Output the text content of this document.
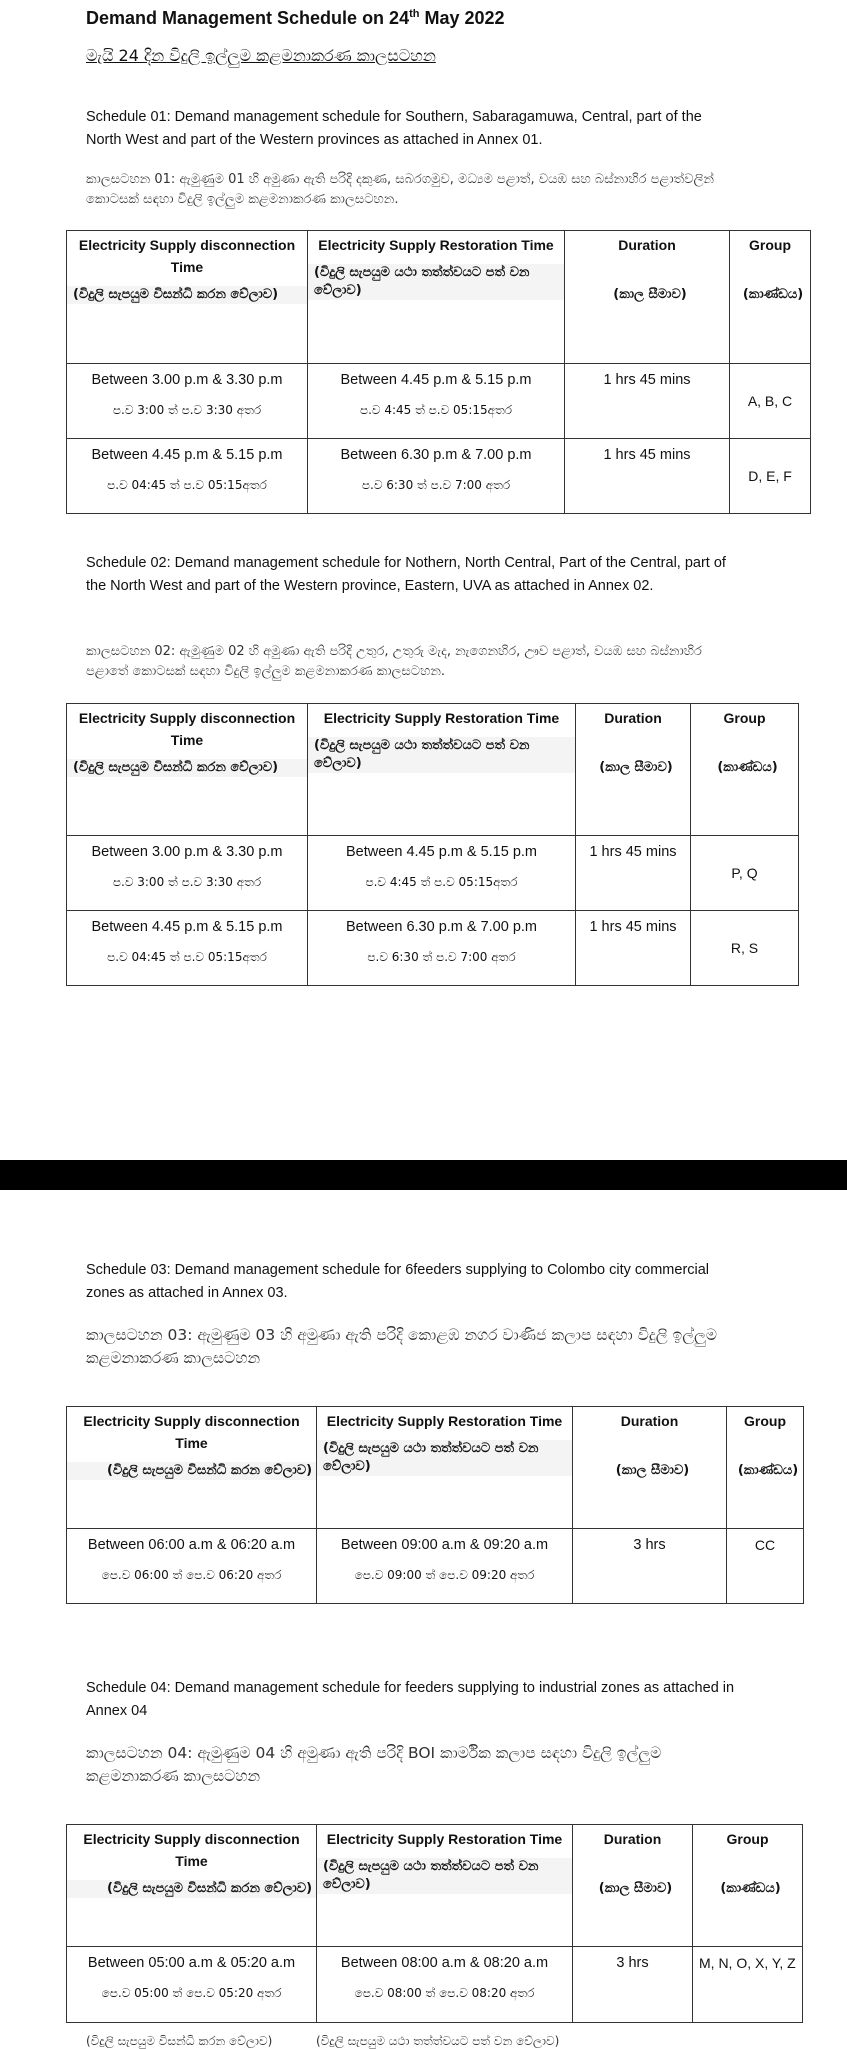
Demand Management Schedule on 24th May 2022
මැයි 24 දින විදුලි ඉල්ලුම කළමනාකරණ කාලසටහන
Schedule 01: Demand management schedule for Southern, Sabaragamuwa, Central, part of the North West and part of the Western provinces as attached in Annex 01.
කාලසටහන 01: ඇමුණුම 01 හි අමුණා ඇති පරිදි දකුණ, සබරගමුව, මධ්‍යම පළාත්, වයඹ සහ බස්නාහිර පළාත්වලින් කොටසක් සඳහා විදුලි ඉල්ලුම කළමනාකරණ කාලසටහන.
Electricity Supply disconnection Time
(විදුලි සැපයුම විසන්ධි කරන වේලාව)	Electricity Supply Restoration Time
(විදුලි සැපයුම යථා තත්ත්වයට පත් වන වේලාව)	Duration
(කාල සීමාව)	Group
(කාණ්ඩය)

Between 3.00 p.m & 3.30 p.m
ප.ව 3:00 ත් ප.ව 3:30 අතර	Between 4.45 p.m & 5.15 p.m
ප.ව 4:45 ත් ප.ව 05:15අතර	1 hrs 45 mins	A, B, C

Between 4.45 p.m & 5.15 p.m
ප.ව 04:45 ත් ප.ව 05:15අතර	Between 6.30 p.m & 7.00 p.m
ප.ව 6:30 ත් ප.ව 7:00 අතර	1 hrs 45 mins	D, E, F
Schedule 02: Demand management schedule for Nothern, North Central, Part of the Central, part of the North West and part of the Western province, Eastern, UVA as attached in Annex 02.
කාලසටහන 02: ඇමුණුම 02 හි අමුණා ඇති පරිදි උතුර, උතුරු මැද, නැගෙනහිර, ඌව පළාත්, වයඹ සහ බස්නාහිර පළාතේ කොටසක් සඳහා විදුලි ඉල්ලුම කළමනාකරණ කාලසටහන.
Electricity Supply disconnection Time
(විදුලි සැපයුම විසන්ධි කරන වේලාව)	Electricity Supply Restoration Time
(විදුලි සැපයුම යථා තත්ත්වයට පත් වන වේලාව)	Duration
(කාල සීමාව)	Group
(කාණ්ඩය)

Between 3.00 p.m & 3.30 p.m
ප.ව 3:00 ත් ප.ව 3:30 අතර	Between 4.45 p.m & 5.15 p.m
ප.ව 4:45 ත් ප.ව 05:15අතර	1 hrs 45 mins	P, Q

Between 4.45 p.m & 5.15 p.m
ප.ව 04:45 ත් ප.ව 05:15අතර	Between 6.30 p.m & 7.00 p.m
ප.ව 6:30 ත් ප.ව 7:00 අතර	1 hrs 45 mins	R, S
Schedule 03: Demand management schedule for 6feeders supplying to Colombo city commercial zones as attached in Annex 03.
කාලසටහන 03: ඇමුණුම 03 හි අමුණා ඇති පරිදි කොළඹ නගර වාණිජ කලාප සඳහා විදුලි ඉල්ලුම කළමනාකරණ කාලසටහන
Electricity Supply disconnection Time
(විදුලි සැපයුම විසන්ධි කරන වේලාව)	Electricity Supply Restoration Time
(විදුලි සැපයුම යථා තත්ත්වයට පත් වන වේලාව)	Duration
(කාල සීමාව)	Group
(කාණ්ඩය)

Between 06:00 a.m & 06:20 a.m
පෙ.ව 06:00 ත් පෙ.ව 06:20 අතර	Between 09:00 a.m & 09:20 a.m
පෙ.ව 09:00 ත් පෙ.ව 09:20 අතර	3 hrs	CC
Schedule 04: Demand management schedule for feeders supplying to industrial zones as attached in Annex 04
කාලසටහන 04: ඇමුණුම 04 හි අමුණා ඇති පරිදි BOI කාර්මික කලාප සඳහා විදුලි ඉල්ලුම කළමනාකරණ කාලසටහන
Electricity Supply disconnection Time
(විදුලි සැපයුම විසන්ධි කරන වේලාව)	Electricity Supply Restoration Time
(විදුලි සැපයුම යථා තත්ත්වයට පත් වන වේලාව)	Duration
(කාල සීමාව)	Group
(කාණ්ඩය)

Between 05:00 a.m & 05:20 a.m
පෙ.ව 05:00 ත් පෙ.ව 05:20 අතර	Between 08:00 a.m & 08:20 a.m
පෙ.ව 08:00 ත් පෙ.ව 08:20 අතර	3 hrs	M, N, O, X, Y, Z
(විදුලි සැපයුම විසන්ධි කරන වේලාව)	(විදුලි සැපයුම යථා තත්ත්වයට පත් වන වේලාව)
